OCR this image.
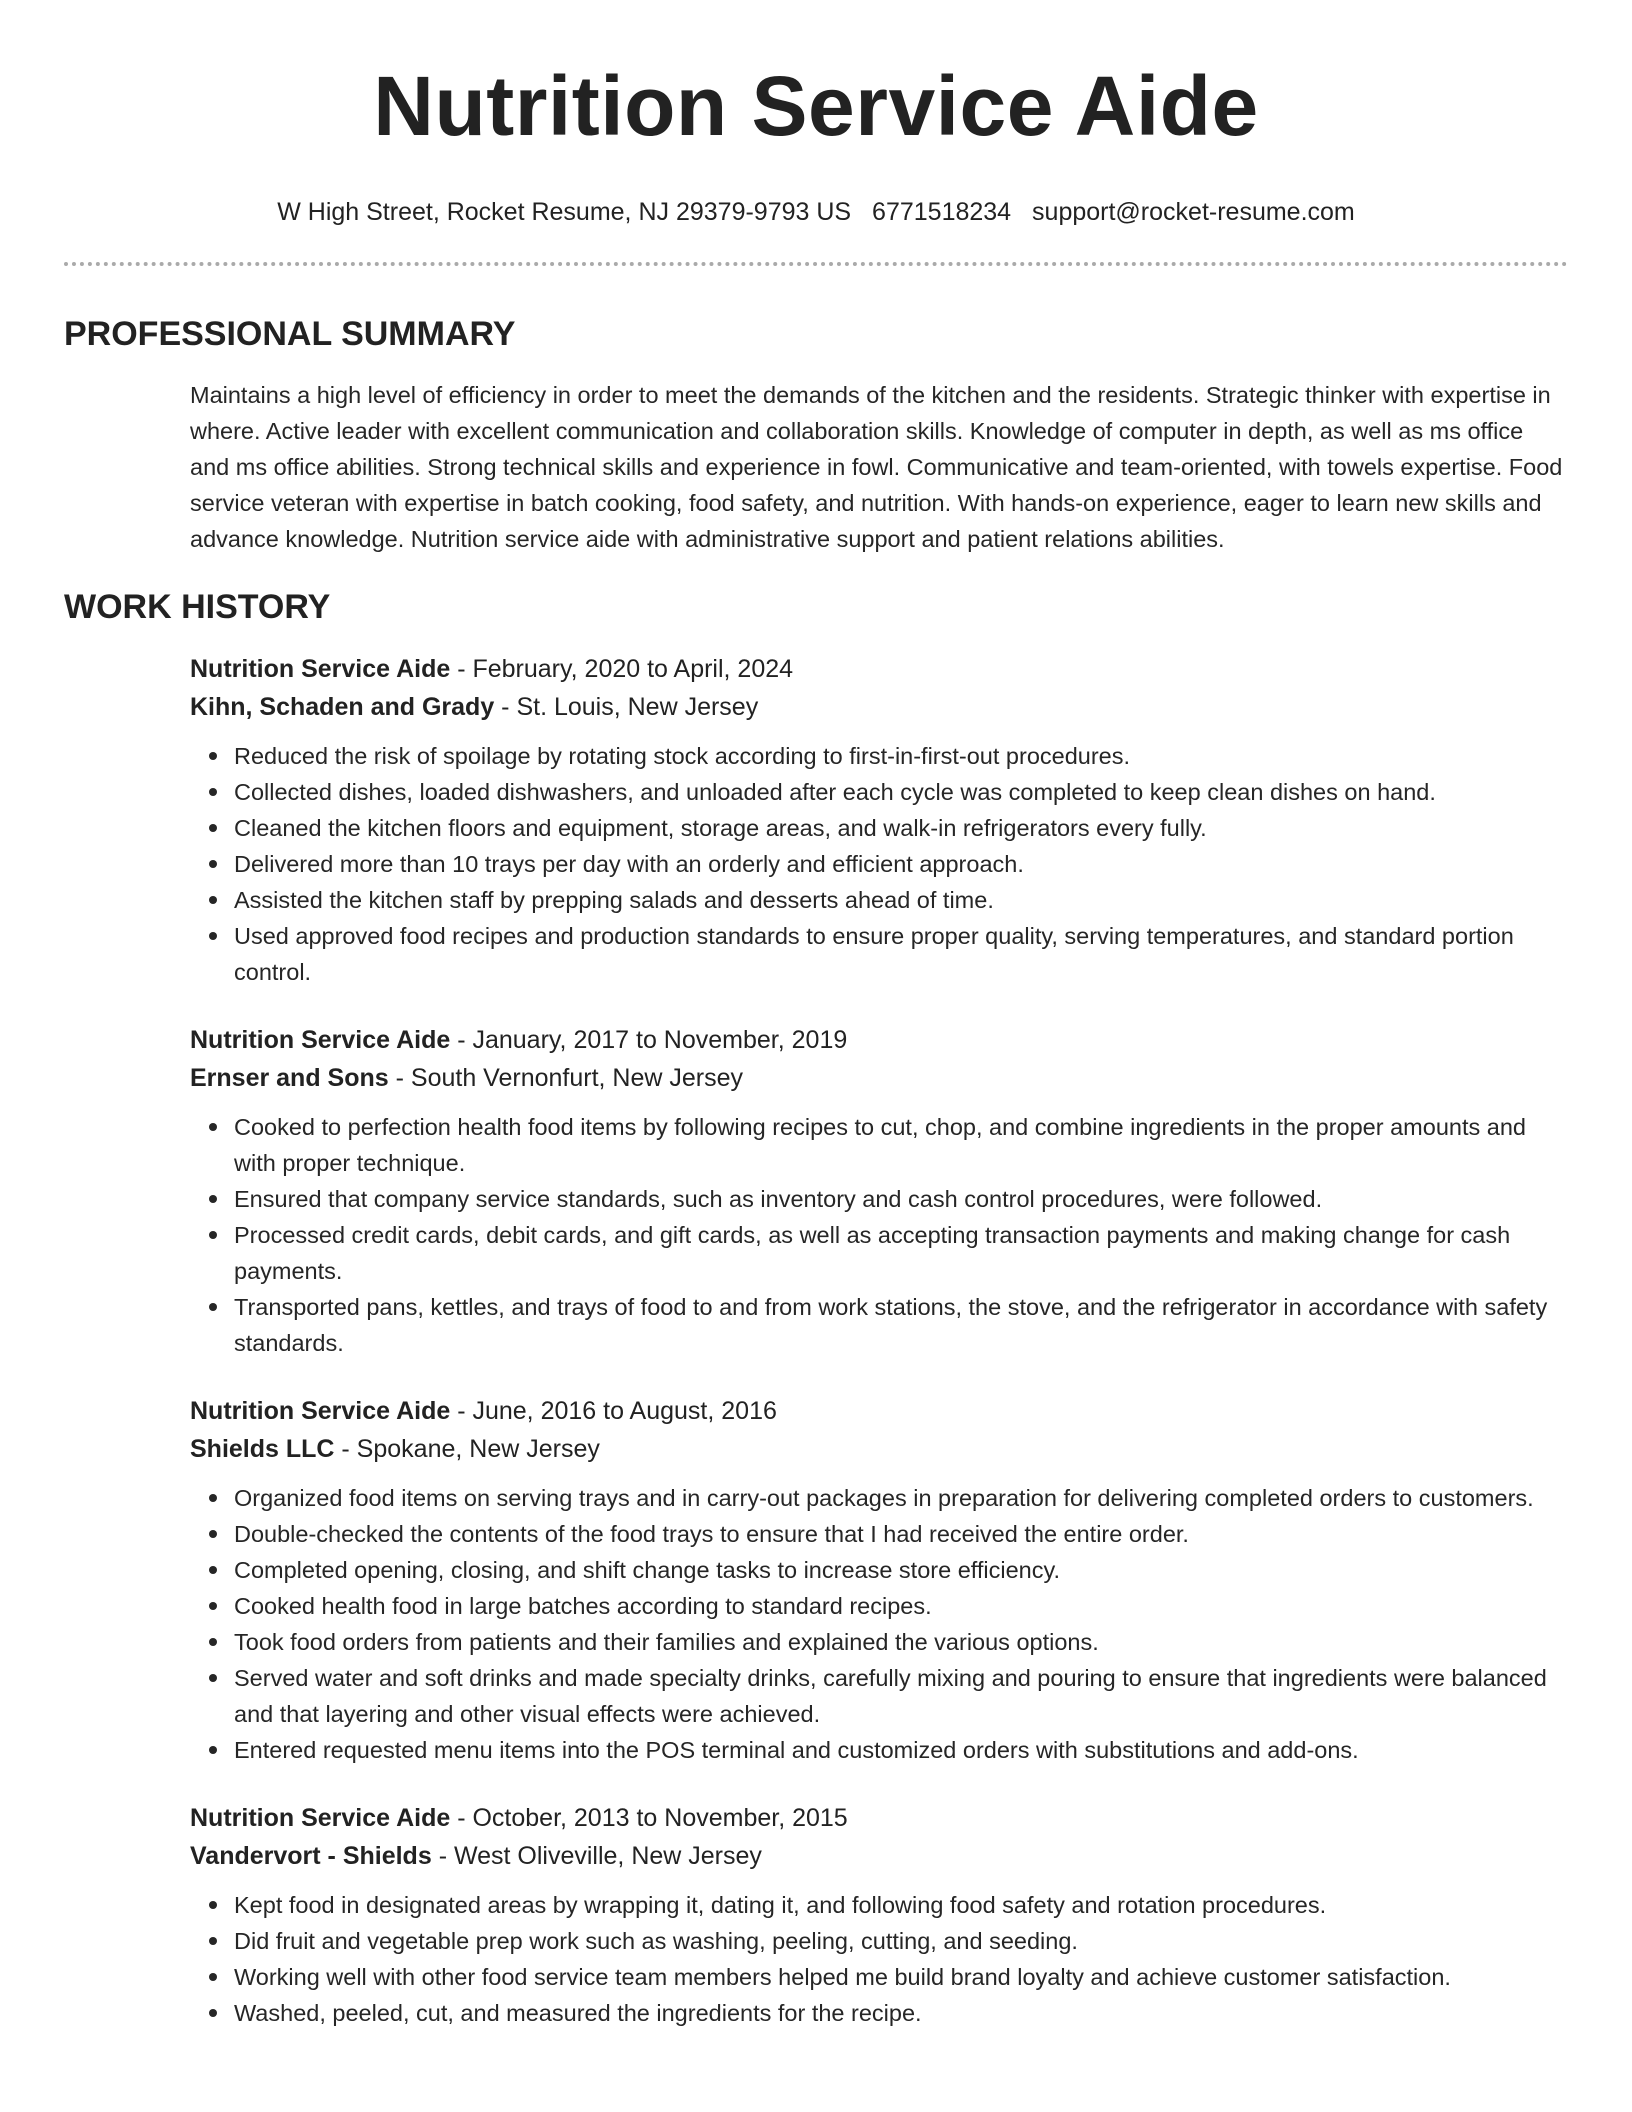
Nutrition Service Aide
W High Street, Rocket Resume, NJ 29379-9793 US 6771518234 support@rocket-resume.com
PROFESSIONAL SUMMARY

Maintains a high level of efficiency in order to meet the demands of the kitchen and the residents. Strategic thinker with expertise in where. Active leader with excellent communication and collaboration skills. Knowledge of computer in depth, as well as ms office and ms office abilities. Strong technical skills and experience in fowl. Communicative and team-oriented, with towels expertise. Food service veteran with expertise in batch cooking, food safety, and nutrition. With hands-on experience, eager to learn new skills and advance knowledge. Nutrition service aide with administrative support and patient relations abilities.

WORK HISTORY
Nutrition Service Aide - February, 2020 to April, 2024
Kihn, Schaden and Grady - St. Louis, New Jersey
Reduced the risk of spoilage by rotating stock according to first-in-first-out procedures.
Collected dishes, loaded dishwashers, and unloaded after each cycle was completed to keep clean dishes on hand.
Cleaned the kitchen floors and equipment, storage areas, and walk-in refrigerators every fully.
Delivered more than 10 trays per day with an orderly and efficient approach.
Assisted the kitchen staff by prepping salads and desserts ahead of time.
Used approved food recipes and production standards to ensure proper quality, serving temperatures, and standard portion control.
Nutrition Service Aide - January, 2017 to November, 2019
Ernser and Sons - South Vernonfurt, New Jersey
Cooked to perfection health food items by following recipes to cut, chop, and combine ingredients in the proper amounts and with proper technique.
Ensured that company service standards, such as inventory and cash control procedures, were followed.
Processed credit cards, debit cards, and gift cards, as well as accepting transaction payments and making change for cash payments.
Transported pans, kettles, and trays of food to and from work stations, the stove, and the refrigerator in accordance with safety standards.
Nutrition Service Aide - June, 2016 to August, 2016
Shields LLC - Spokane, New Jersey
Organized food items on serving trays and in carry-out packages in preparation for delivering completed orders to customers.
Double-checked the contents of the food trays to ensure that I had received the entire order.
Completed opening, closing, and shift change tasks to increase store efficiency.
Cooked health food in large batches according to standard recipes.
Took food orders from patients and their families and explained the various options.
Served water and soft drinks and made specialty drinks, carefully mixing and pouring to ensure that ingredients were balanced and that layering and other visual effects were achieved.
Entered requested menu items into the POS terminal and customized orders with substitutions and add-ons.
Nutrition Service Aide - October, 2013 to November, 2015
Vandervort - Shields - West Oliveville, New Jersey
Kept food in designated areas by wrapping it, dating it, and following food safety and rotation procedures.
Did fruit and vegetable prep work such as washing, peeling, cutting, and seeding.
Working well with other food service team members helped me build brand loyalty and achieve customer satisfaction.
Washed, peeled, cut, and measured the ingredients for the recipe.
